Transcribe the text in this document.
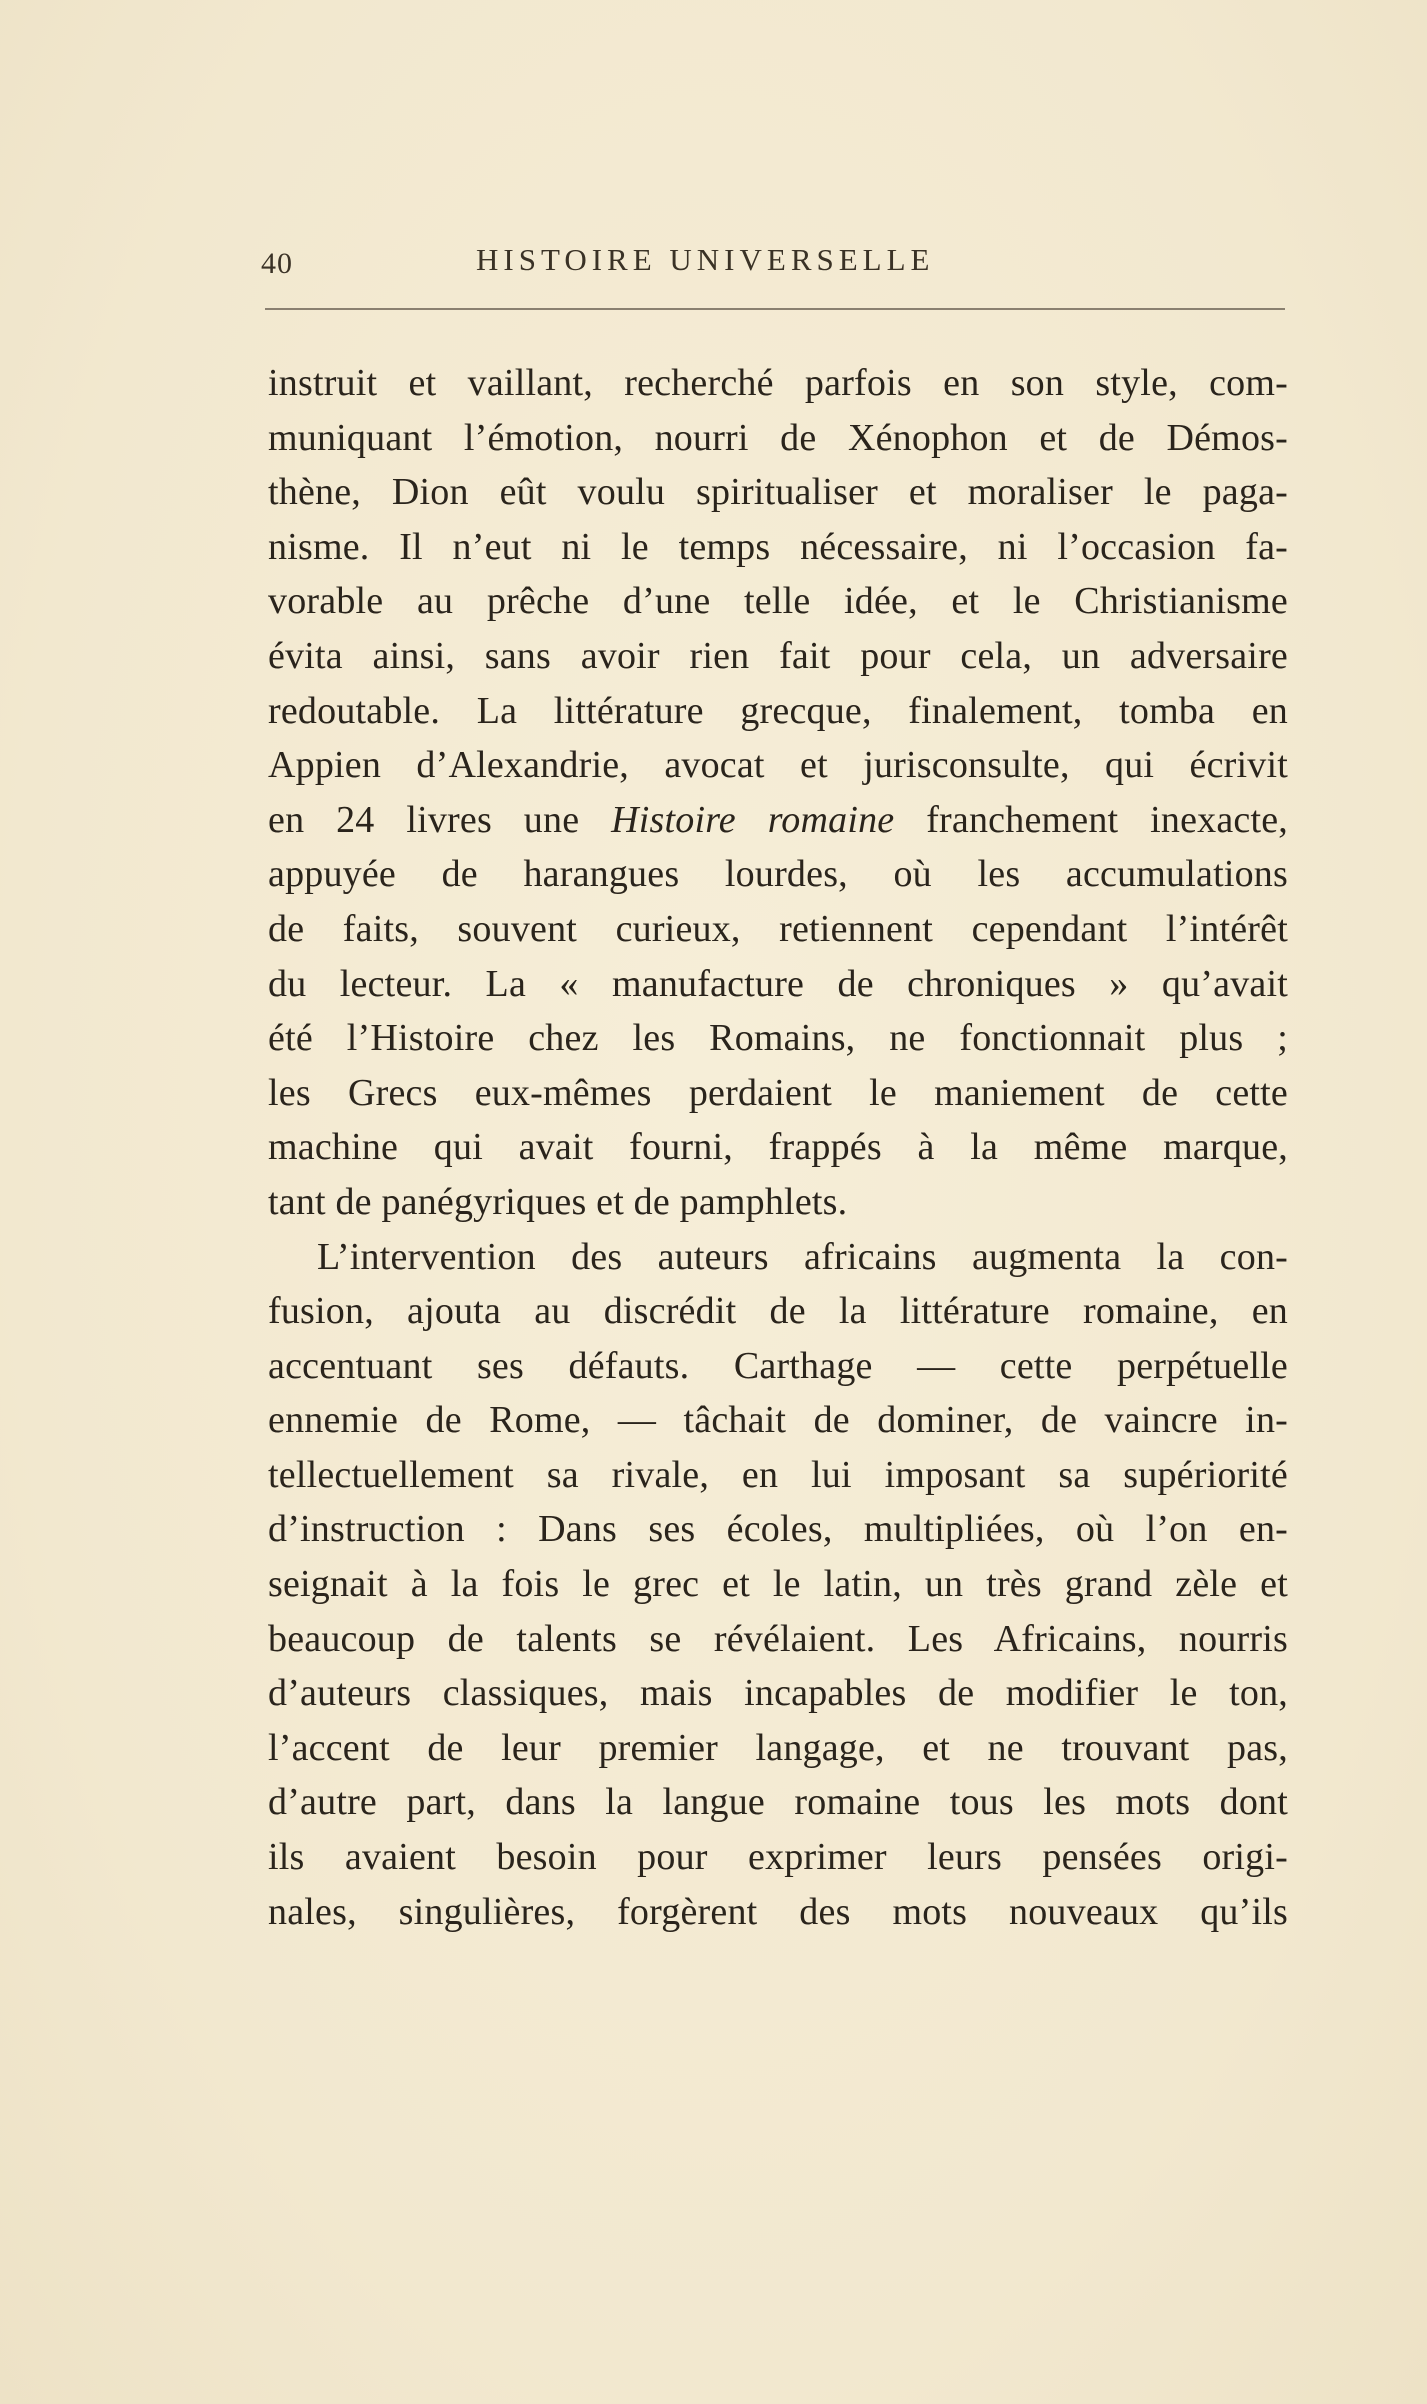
40	HISTOIRE UNIVERSELLE
instruit et vaillant, recherché parfois en son style, com-
muniquant l’émotion, nourri de Xénophon et de Démos-
thène, Dion eût voulu spiritualiser et moraliser le paga-
nisme. Il n’eut ni le temps nécessaire, ni l’occasion fa-
vorable au prêche d’une telle idée, et le Christianisme
évita ainsi, sans avoir rien fait pour cela, un adversaire
redoutable. La littérature grecque, finalement, tomba en
Appien d’Alexandrie, avocat et jurisconsulte, qui écrivit
en 24 livres une Histoire romaine franchement inexacte,
appuyée de harangues lourdes, où les accumulations
de faits, souvent curieux, retiennent cependant l’intérêt
du lecteur. La « manufacture de chroniques » qu’avait
été l’Histoire chez les Romains, ne fonctionnait plus ;
les Grecs eux-mêmes perdaient le maniement de cette
machine qui avait fourni, frappés à la même marque,
tant de panégyriques et de pamphlets.
L’intervention des auteurs africains augmenta la con-
fusion, ajouta au discrédit de la littérature romaine, en
accentuant ses défauts. Carthage — cette perpétuelle
ennemie de Rome, — tâchait de dominer, de vaincre in-
tellectuellement sa rivale, en lui imposant sa supériorité
d’instruction : Dans ses écoles, multipliées, où l’on en-
seignait à la fois le grec et le latin, un très grand zèle et
beaucoup de talents se révélaient. Les Africains, nourris
d’auteurs classiques, mais incapables de modifier le ton,
l’accent de leur premier langage, et ne trouvant pas,
d’autre part, dans la langue romaine tous les mots dont
ils avaient besoin pour exprimer leurs pensées origi-
nales, singulières, forgèrent des mots nouveaux qu’ils
